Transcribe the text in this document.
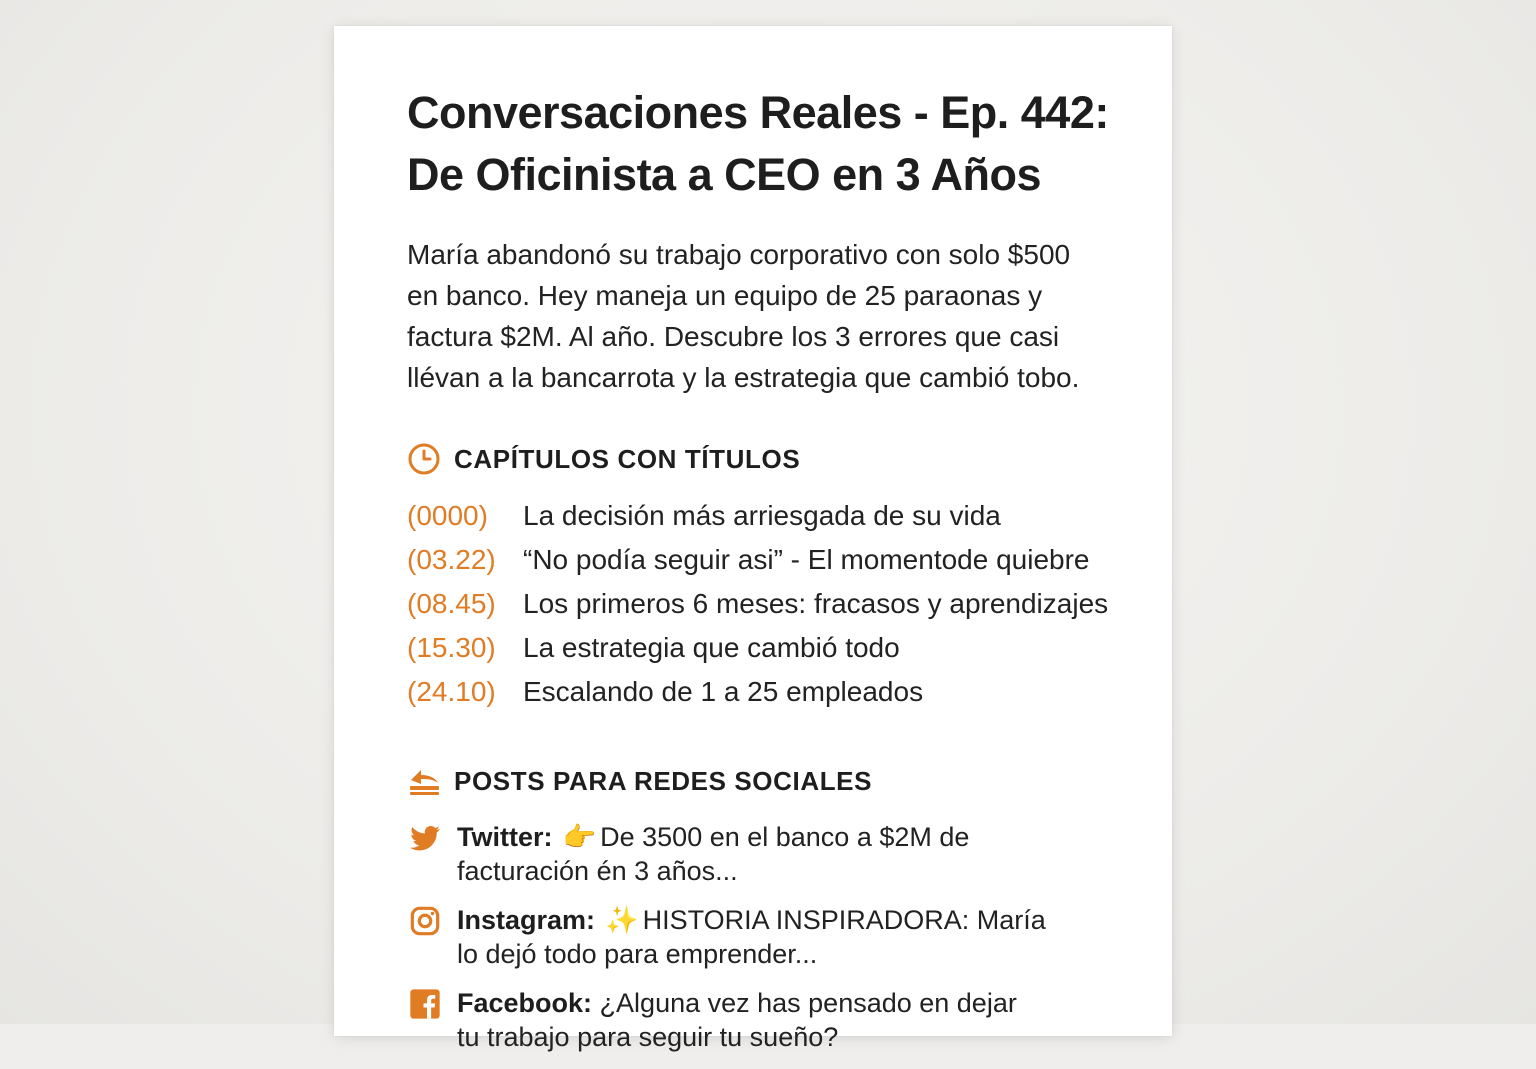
Conversaciones Reales - Ep. 442:
De Oficinista a CEO en 3 Años
María abandonó su trabajo corporativo con solo $500
en banco. Hey maneja un equipo de 25 paraonas y
factura $2M. Al año. Descubre los 3 errores que casi
llévan a la bancarrota y la estrategia que cambió tobo.
CAPÍTULOS CON TÍTULOS
(0000)	La decisión más arriesgada de su vida
(03.22) “No podía seguir asi” - El momentode quiebre
(08.45) Los primeros 6 meses: fracasos y aprendizajes
(15.30) La estrategia que cambió todo
(24.10) Escalando de 1 a 25 empleados
POSTS PARA REDES SOCIALES
Twitter: 👉 De 3500 en el banco a $2M de
facturación én 3 años...
Instagram: ✨ HISTORIA INSPIRADORA: María
lo dejó todo para emprender...
Facebook: ¿Alguna vez has pensado en dejar
tu trabajo para seguir tu sueño?
